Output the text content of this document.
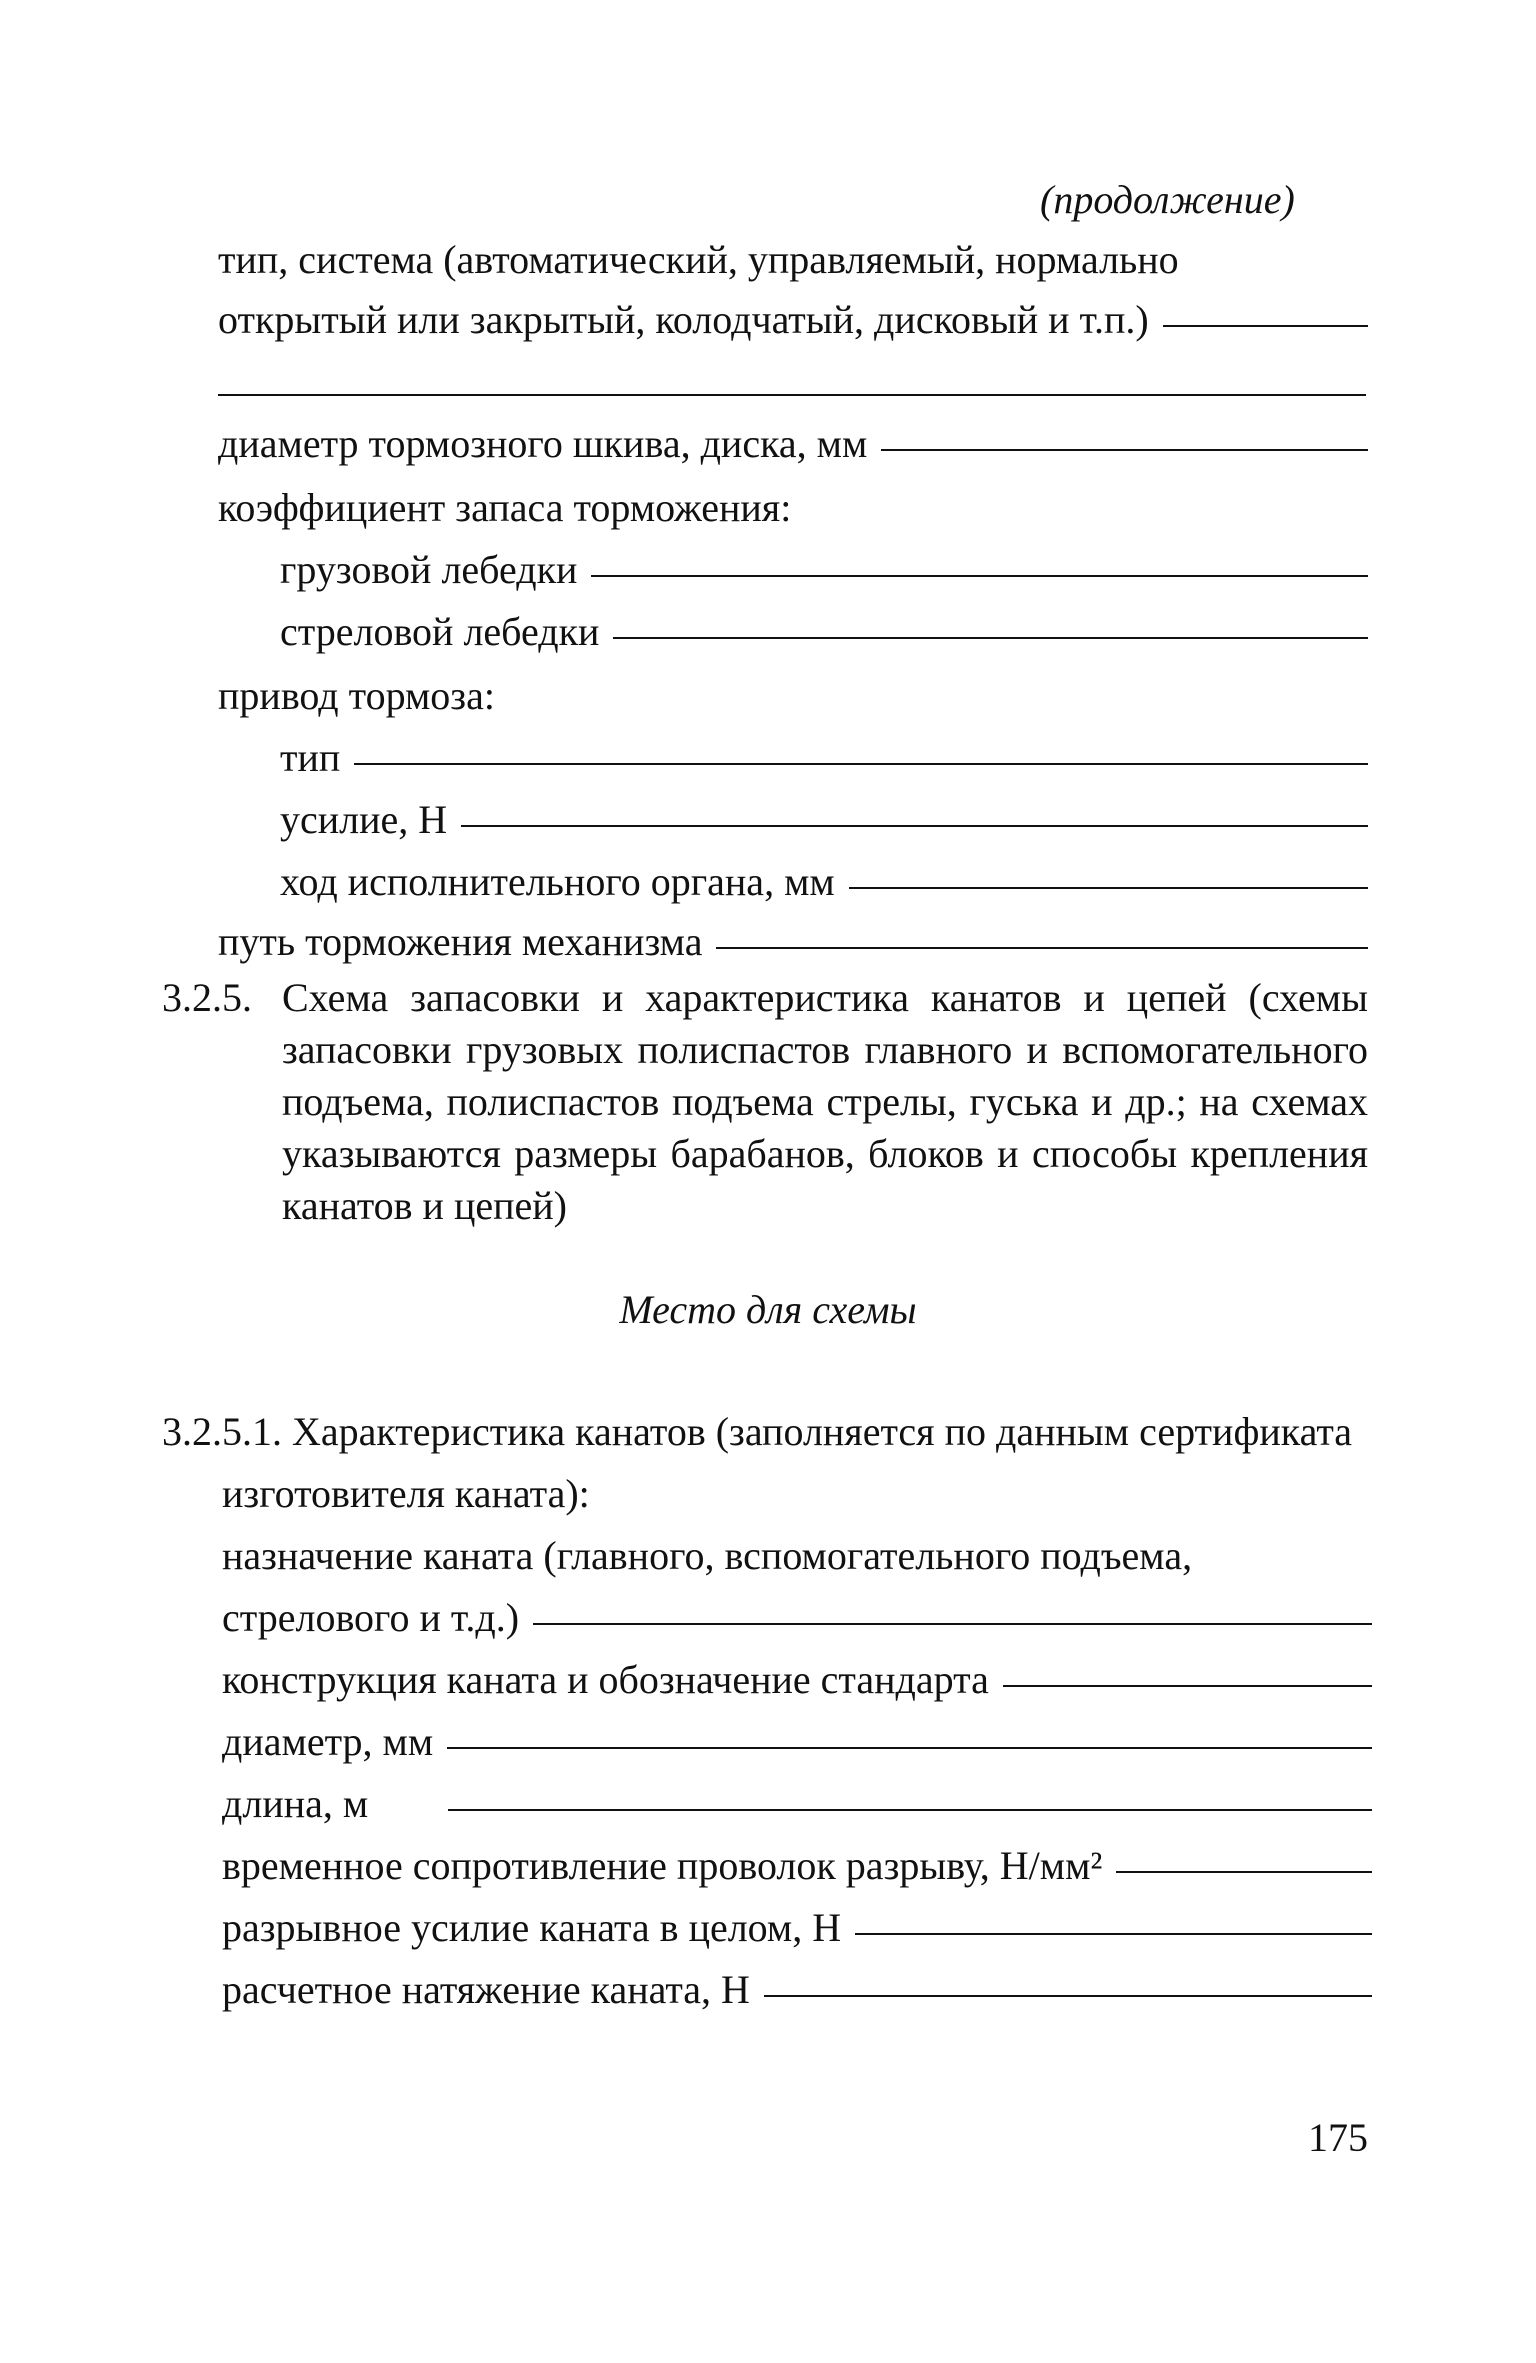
(продолжение)
тип, система (автоматический, управляемый, нормально
открытый или закрытый, колодчатый, дисковый и т.п.)
диаметр тормозного шкива, диска, мм
коэффициент запаса торможения:
грузовой лебедки
стреловой лебедки
привод тормоза:
тип
усилие, Н
ход исполнительного органа, мм
путь торможения механизма
3.2.5. Схема запасовки и характеристика канатов и цепей (схемы запасовки грузовых полиспастов главного и вспомогательного подъема, полиспастов подъема стрелы, гуська и др.; на схемах указываются размеры барабанов, блоков и способы крепления канатов и цепей)
Место для схемы
3.2.5.1. Характеристика канатов (заполняется по данным сертификата
изготовителя каната):
назначение каната (главного, вспомогательного подъема,
стрелового и т.д.)
конструкция каната и обозначение стандарта
диаметр, мм
длина, м
временное сопротивление проволок разрыву, Н/мм²
разрывное усилие каната в целом, Н
расчетное натяжение каната, Н
175
